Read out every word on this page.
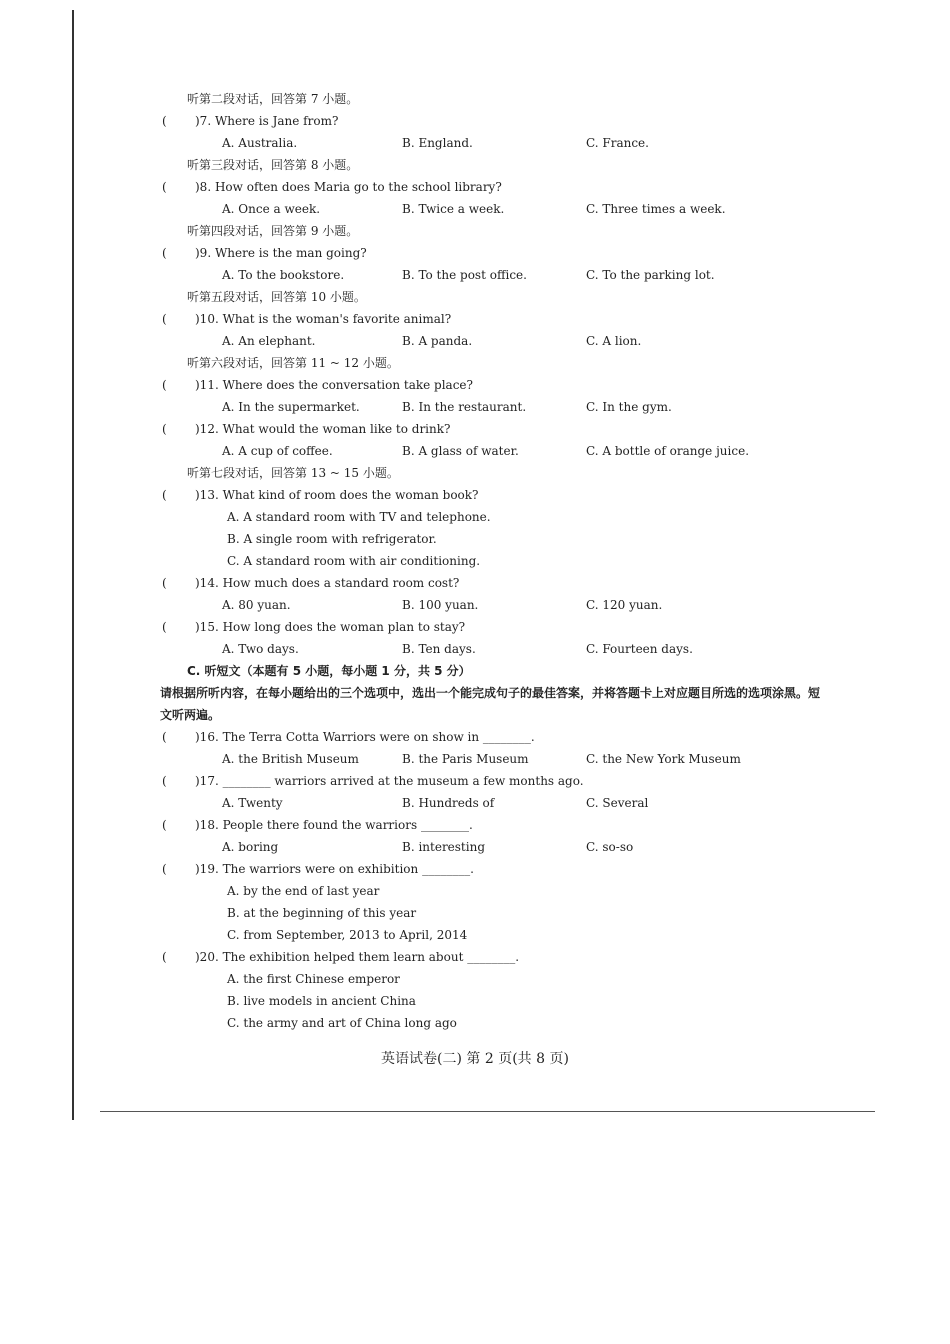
听第二段对话，回答第 7 小题。
( )7. Where is Jane from?
A. Australia.	B. England.	C. France.
听第三段对话，回答第 8 小题。
( )8. How often does Maria go to the school library?
A. Once a week.	B. Twice a week.	C. Three times a week.
听第四段对话，回答第 9 小题。
( )9. Where is the man going?
A. To the bookstore.	B. To the post office.	C. To the parking lot.
听第五段对话，回答第 10 小题。
( )10. What is the woman's favorite animal?
A. An elephant.	B. A panda.	C. A lion.
听第六段对话，回答第 11 ~ 12 小题。
( )11. Where does the conversation take place?
A. In the supermarket.	B. In the restaurant.	C. In the gym.
( )12. What would the woman like to drink?
A. A cup of coffee.	B. A glass of water.	C. A bottle of orange juice.
听第七段对话，回答第 13 ~ 15 小题。
( )13. What kind of room does the woman book?
A. A standard room with TV and telephone.
B. A single room with refrigerator.
C. A standard room with air conditioning.
( )14. How much does a standard room cost?
A. 80 yuan.	B. 100 yuan.	C. 120 yuan.
( )15. How long does the woman plan to stay?
A. Two days.	B. Ten days.	C. Fourteen days.
C. 听短文（本题有 5 小题，每小题 1 分，共 5 分）
请根据所听内容，在每小题给出的三个选项中，选出一个能完成句子的最佳答案，并将答题卡上对应题目所选的选项涂黑。短文听两遍。
( )16. The Terra Cotta Warriors were on show in ________.
A. the British Museum	B. the Paris Museum	C. the New York Museum
( )17. ________ warriors arrived at the museum a few months ago.
A. Twenty	B. Hundreds of	C. Several
( )18. People there found the warriors ________.
A. boring	B. interesting	C. so-so
( )19. The warriors were on exhibition ________.
A. by the end of last year
B. at the beginning of this year
C. from September, 2013 to April, 2014
( )20. The exhibition helped them learn about ________.
A. the first Chinese emperor
B. live models in ancient China
C. the army and art of China long ago
英语试卷(二) 第 2 页(共 8 页)
